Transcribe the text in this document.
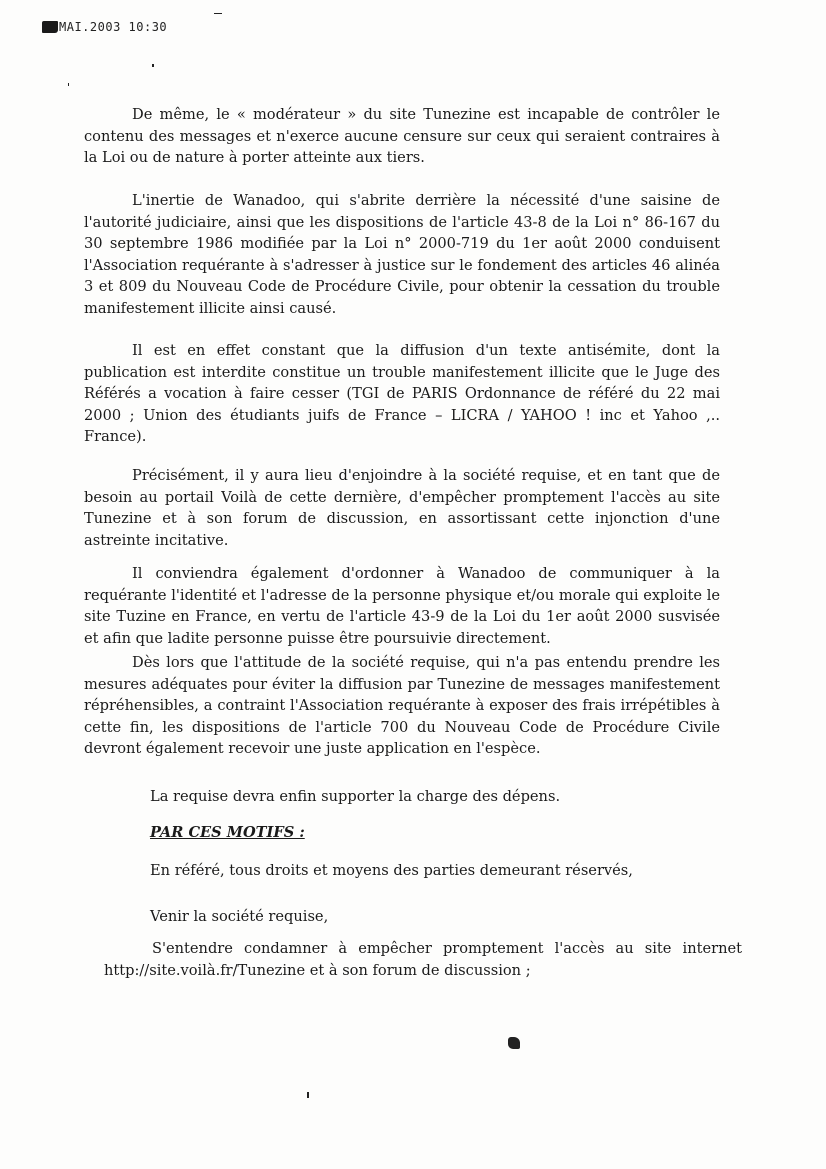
MAI.2003 10:30

De même, le « modérateur » du site Tunezine est incapable de contrôler le contenu des messages et n'exerce aucune censure sur ceux qui seraient contraires à la Loi ou de nature à porter atteinte aux tiers.

L'inertie de Wanadoo, qui s'abrite derrière la nécessité d'une saisine de l'autorité judiciaire, ainsi que les dispositions de l'article 43-8 de la Loi n° 86-167 du 30 septembre 1986 modifiée par la Loi n° 2000-719 du 1er août 2000 conduisent l'Association requérante à s'adresser à justice sur le fondement des articles 46 alinéa 3 et 809 du Nouveau Code de Procédure Civile, pour obtenir la cessation du trouble manifestement illicite ainsi causé.

Il est en effet constant que la diffusion d'un texte antisémite, dont la publication est interdite constitue un trouble manifestement illicite que le Juge des Référés a vocation à faire cesser (TGI de PARIS Ordonnance de référé du 22 mai 2000 ; Union des étudiants juifs de France – LICRA / YAHOO ! inc et Yahoo ,.. France).

Précisément, il y aura lieu d'enjoindre à la société requise, et en tant que de besoin au portail Voilà de cette dernière, d'empêcher promptement l'accès au site Tunezine et à son forum de discussion, en assortissant cette injonction d'une astreinte incitative.

Il conviendra également d'ordonner à Wanadoo de communiquer à la requérante l'identité et l'adresse de la personne physique et/ou morale qui exploite le site Tuzine en France, en vertu de l'article 43-9 de la Loi du 1er août 2000 susvisée et afin que ladite personne puisse être poursuivie directement.

Dès lors que l'attitude de la société requise, qui n'a pas entendu prendre les mesures adéquates pour éviter la diffusion par Tunezine de messages manifestement répréhensibles, a contraint l'Association requérante à exposer des frais irrépétibles à cette fin, les dispositions de l'article 700 du Nouveau Code de Procédure Civile devront également recevoir une juste application en l'espèce.

La requise devra enfin supporter la charge des dépens.

PAR CES MOTIFS :

En référé, tous droits et moyens des parties demeurant réservés,

Venir la société requise,

S'entendre condamner à empêcher promptement l'accès au site internet http://site.voilà.fr/Tunezine et à son forum de discussion ;
